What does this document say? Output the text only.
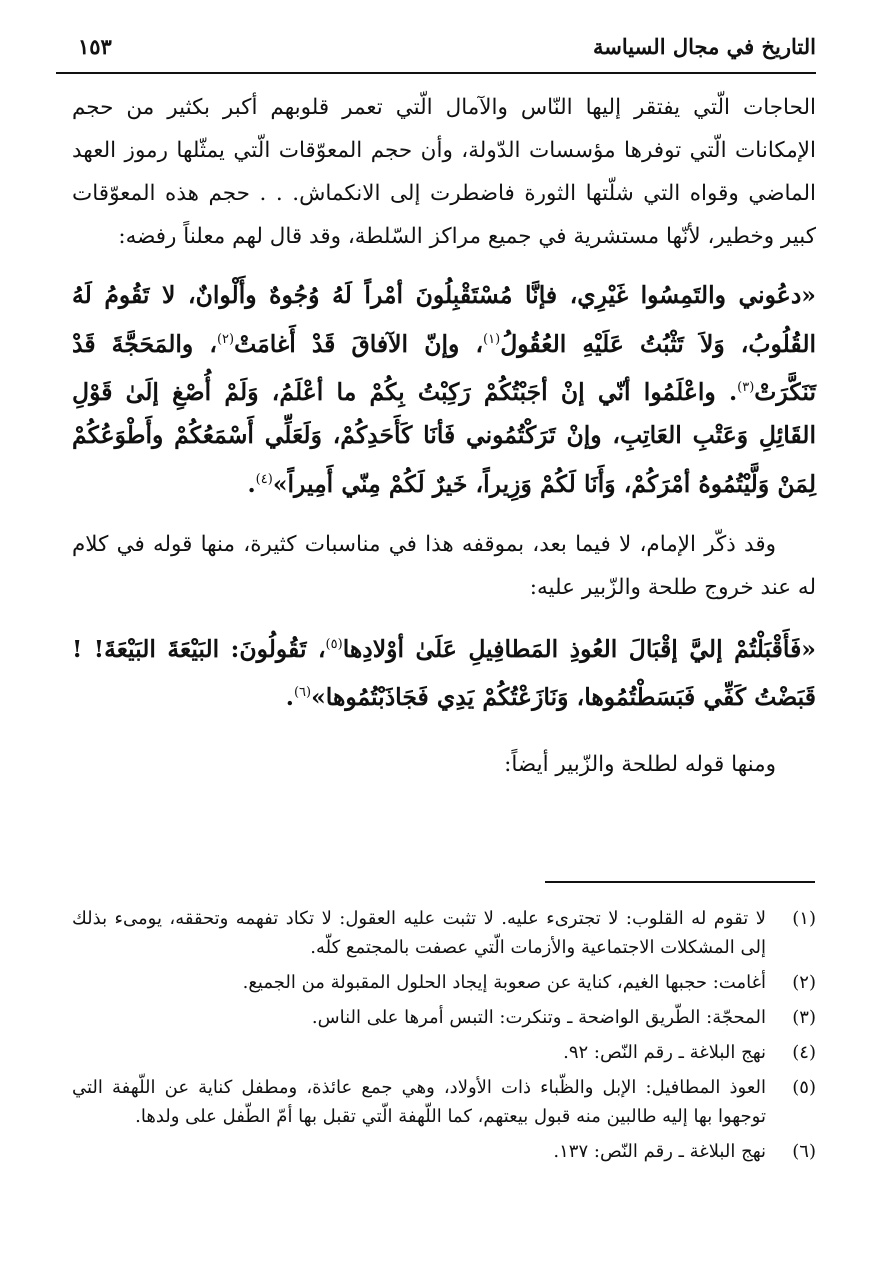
التاريخ في مجال السياسة
١٥٣

الحاجات الّتي يفتقر إليها النّاس والآمال الّتي تعمر قلوبهم أكبر بكثير من حجم الإمكانات الّتي توفرها مؤسسات الدّولة، وأن حجم المعوّقات الّتي يمثّلها رموز العهد الماضي وقواه التي شلّتها الثورة فاضطرت إلى الانكماش. . . حجم هذه المعوّقات كبير وخطير، لأنّها مستشرية في جميع مراكز السّلطة، وقد قال لهم معلناً رفضه:

«دعُوني والتَمِسُوا غَيْرِي، فإنَّا مُسْتَقْبِلُونَ أمْراً لَهُ وُجُوهٌ وأَلْوانٌ، لا تَقُومُ لَهُ القُلُوبُ، وَلاَ تَثْبُتُ عَلَيْهِ العُقُولُ$^{(١)}$، وإنّ الآفاقَ قَدْ أَغامَتْ$^{(٢)}$، والمَحَجَّةَ قَدْ تَنَكَّرَتْ$^{(٣)}$. واعْلَمُوا أنّي إنْ أجَبْتُكُمْ رَكِبْتُ بِكُمْ ما أعْلَمُ، وَلَمْ أُصْغِ إلَىٰ قَوْلِ القَائِلِ وَعَتْبِ العَاتِبِ، وإنْ تَرَكْتُمُوني فَأنَا كَأَحَدِكُمْ، وَلَعَلِّي أَسْمَعُكُمْ وأَطْوَعُكُمْ لِمَنْ وَلَّيْتُمُوهُ أمْرَكُمْ، وَأَنَا لَكُمْ وَزِيراً، خَيرٌ لَكُمْ مِنّي أَمِيراً»$^{(٤)}$.

وقد ذكّر الإمام، لا فيما بعد، بموقفه هذا في مناسبات كثيرة، منها قوله في كلام له عند خروج طلحة والزّبير عليه:

«فَأَقْبَلْتُمْ إليَّ إقْبَالَ العُوذِ المَطافِيلِ عَلَىٰ أوْلادِها$^{(٥)}$، تَقُولُونَ: البَيْعَةَ البَيْعَةَ! ! قَبَضْتُ كَفِّي فَبَسَطْتُمُوها، وَنَازَعْتُكُمْ يَدِي فَجَاذَبْتُمُوها»$^{(٦)}$.

ومنها قوله لطلحة والزّبير أيضاً:

(١)
لا تقوم له القلوب: لا تجترىء عليه. لا تثبت عليه العقول: لا تكاد تفهمه وتحققه، يومىء بذلك إلى المشكلات الاجتماعية والأزمات الّتي عصفت بالمجتمع كلّه.

(٢)
أغامت: حجبها الغيم، كناية عن صعوبة إيجاد الحلول المقبولة من الجميع.

(٣)
المحجّة: الطّريق الواضحة ـ وتنكرت: التبس أمرها على الناس.

(٤)
نهج البلاغة ـ رقم النّص: ٩٢.

(٥)
العوذ المطافيل: الإبل والظّباء ذات الأولاد، وهي جمع عائذة، ومطفل كناية عن اللّهفة التي توجهوا بها إليه طالبين منه قبول بيعتهم، كما اللّهفة الّتي تقبل بها أمّ الطّفل على ولدها.

(٦)
نهج البلاغة ـ رقم النّص: ١٣٧.
